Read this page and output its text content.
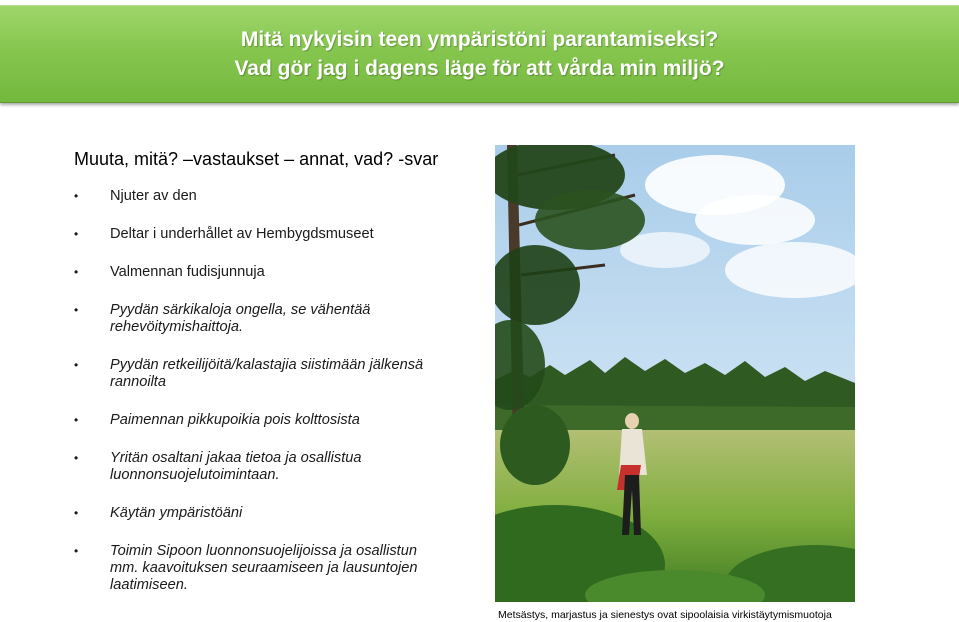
Mitä nykyisin teen ympäristöni parantamiseksi?
Vad gör jag i dagens läge för att vårda min miljö?
Muuta, mitä? –vastaukset – annat, vad? -svar
•	Njuter av den
•	Deltar i underhållet av Hembygdsmuseet
•	Valmennan fudisjunnuja
•	Pyydän särkikaloja ongella, se vähentää
rehevöitymishaittoja.
•	Pyydän retkeilijöitä/kalastajia siistimään jälkensä
rannoilta
•	Paimennan pikkupoikia pois kolttosista
•	Yritän osaltani jakaa tietoa ja osallistua
luonnonsuojelutoimintaan.
•	Käytän ympäristöäni
•	Toimin Sipoon luonnonsuojelijoissa ja osallistun
mm. kaavoituksen seuraamiseen ja lausuntojen
laatimiseen.
Metsästys, marjastus ja sienestys ovat sipoolaisia virkistäytymismuotoja
